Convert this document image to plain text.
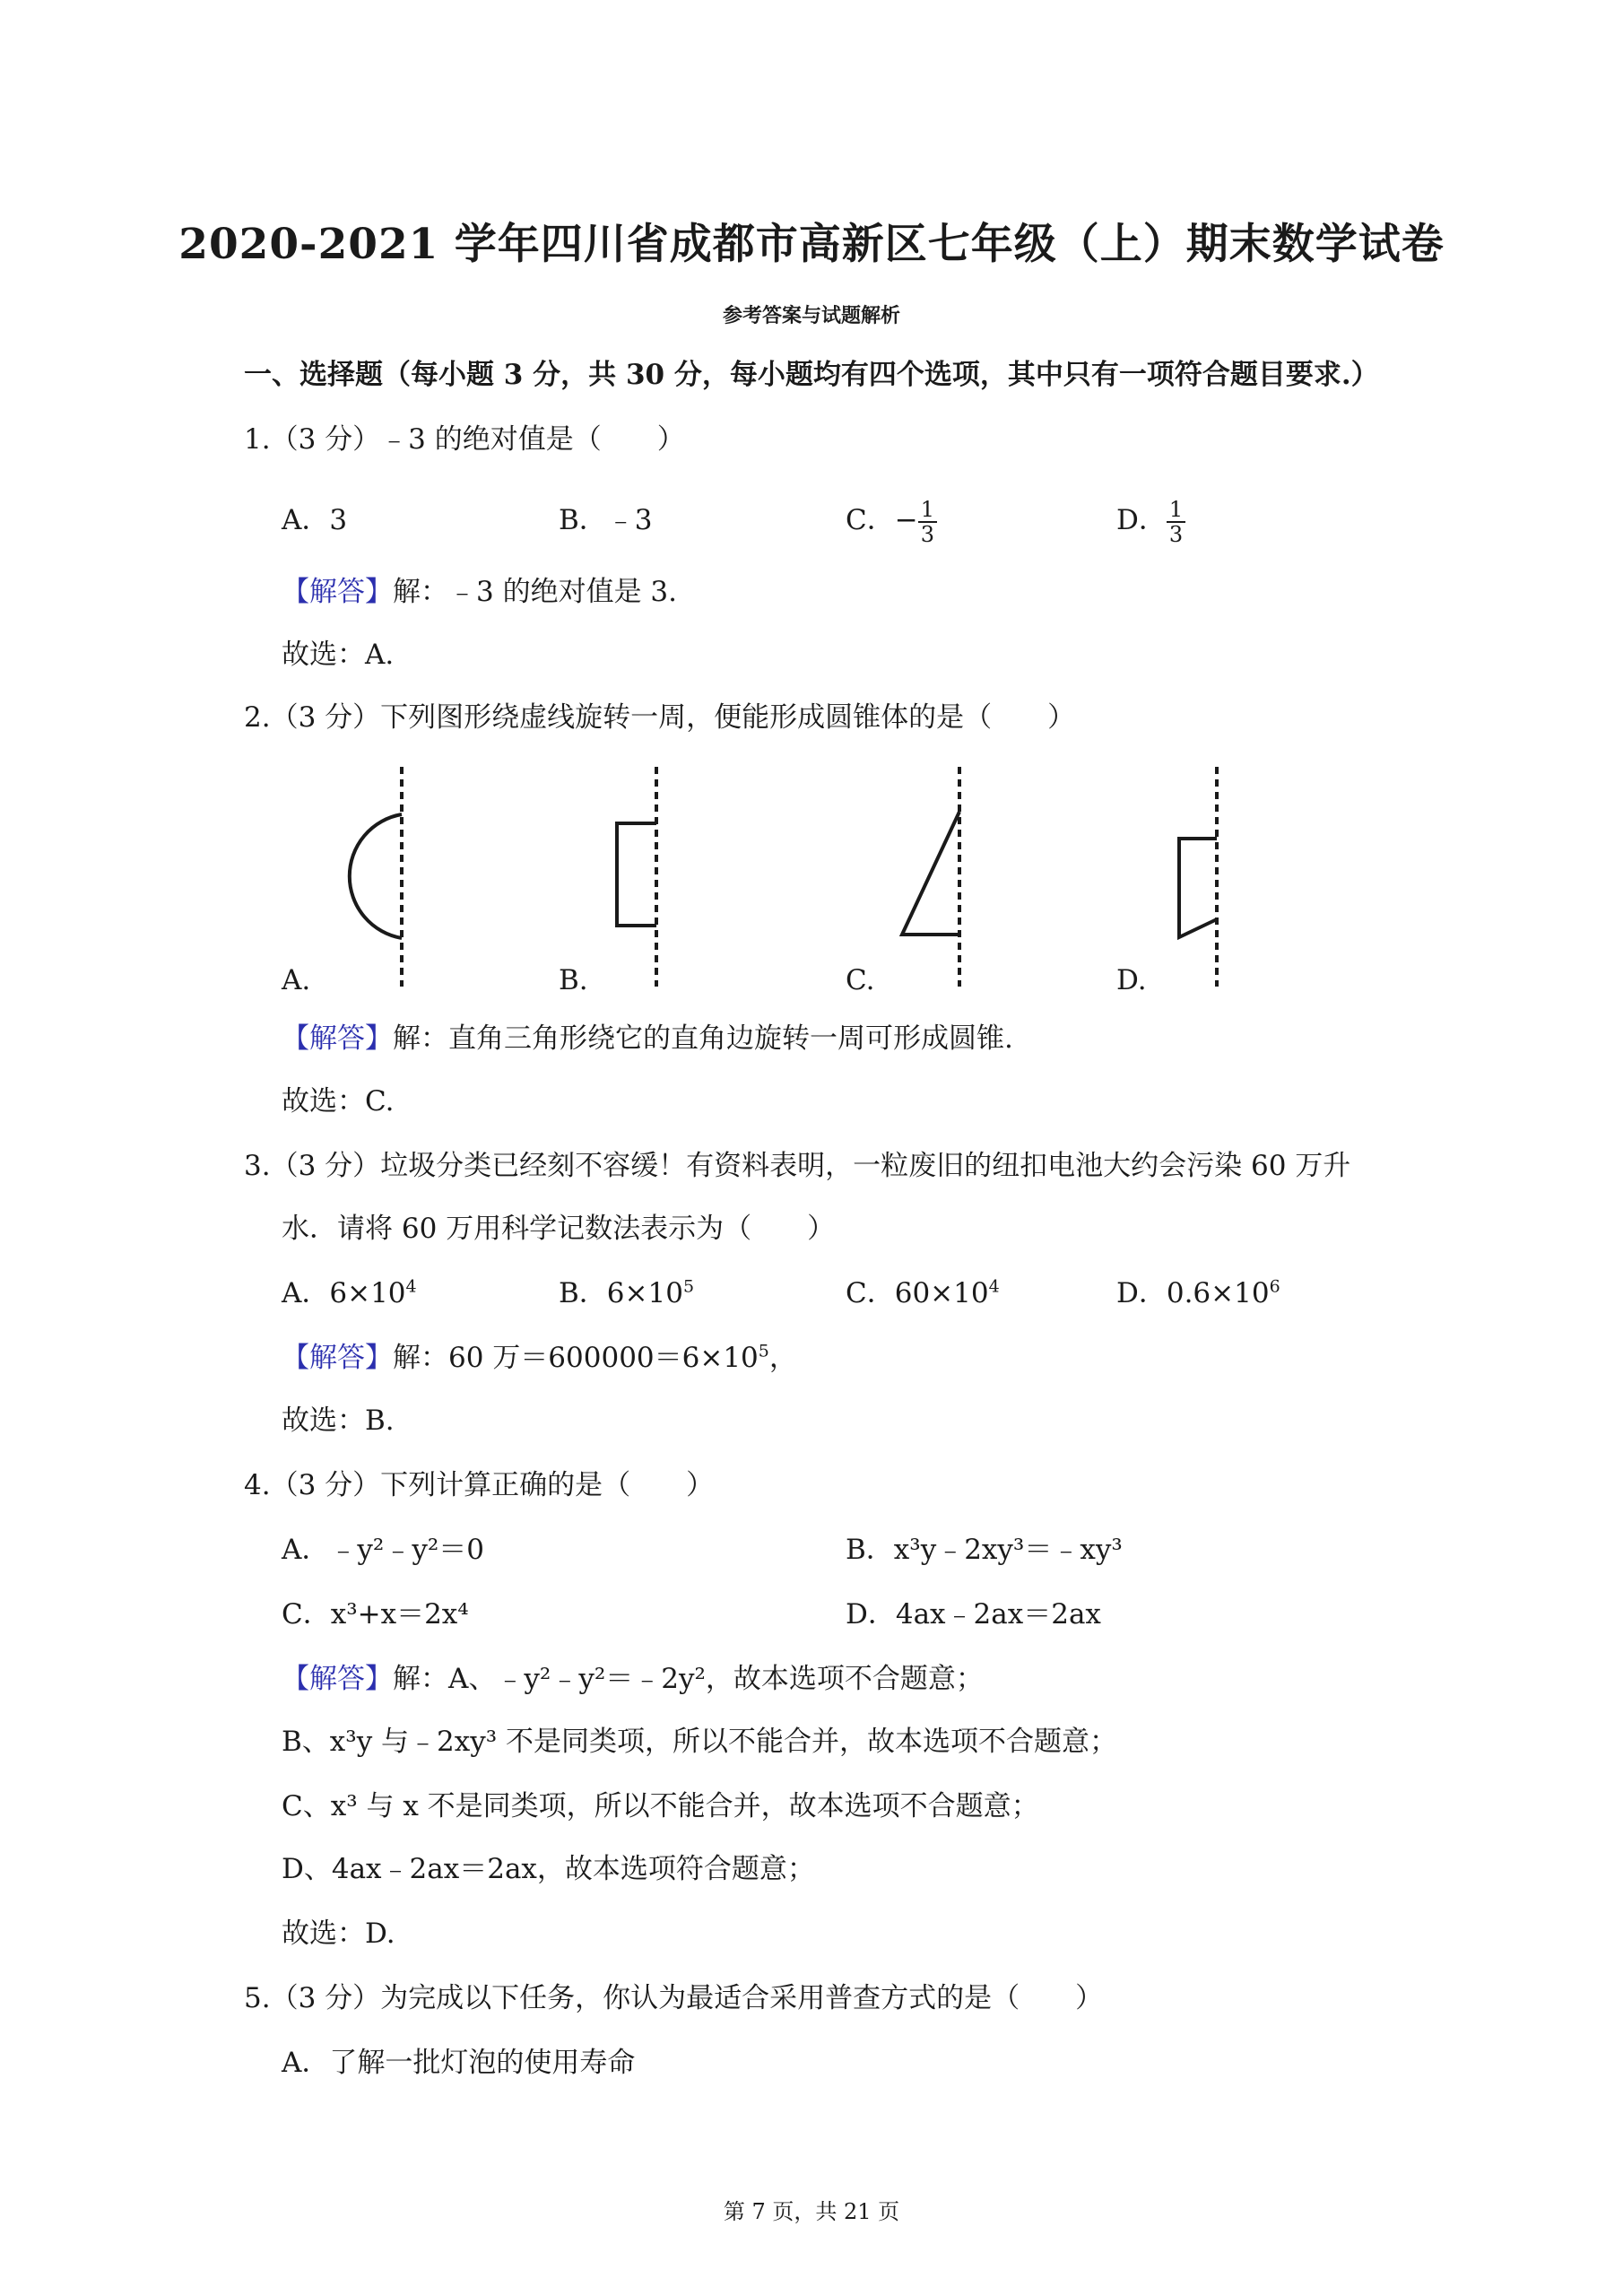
2020-2021 学年四川省成都市高新区七年级（上）期末数学试卷
参考答案与试题解析
一、选择题（每小题 3 分，共 30 分，每小题均有四个选项，其中只有一项符合题目要求.）
1.（3 分）﹣3 的绝对值是（　　）
A．3	B．﹣3	C．− $\frac{1}{3}$	D． $\frac{1}{3}$
【解答】解：﹣3 的绝对值是 3.
故选：A.
2.（3 分）下列图形绕虚线旋转一周，便能形成圆锥体的是（　　）
A.	B.	C.	D.
【解答】解：直角三角形绕它的直角边旋转一周可形成圆锥.
故选：C.
3.（3 分）垃圾分类已经刻不容缓！有资料表明，一粒废旧的纽扣电池大约会污染 60 万升
水．请将 60 万用科学记数法表示为（　　）
A．$6\times 10^4$	B．$6\times 10^5$	C．$60\times 10^4$	D．$0.6\times 10^6$
【解答】解：60 万$=600000=6\times 10^5$，
故选：B.
4.（3 分）下列计算正确的是（　　）
A．﹣y²﹣y²＝0	B．x³y﹣2xy³＝﹣xy³
C．x³+x＝2x⁴	D．4ax﹣2ax＝2ax
【解答】解：A、﹣y²﹣y²＝﹣2y²，故本选项不合题意；
B、x³y 与﹣2xy³ 不是同类项，所以不能合并，故本选项不合题意；
C、x³ 与 x 不是同类项，所以不能合并，故本选项不合题意；
D、4ax﹣2ax＝2ax，故本选项符合题意；
故选：D.
5.（3 分）为完成以下任务，你认为最适合采用普查方式的是（　　）
A．了解一批灯泡的使用寿命
第 7 页，共 21 页
